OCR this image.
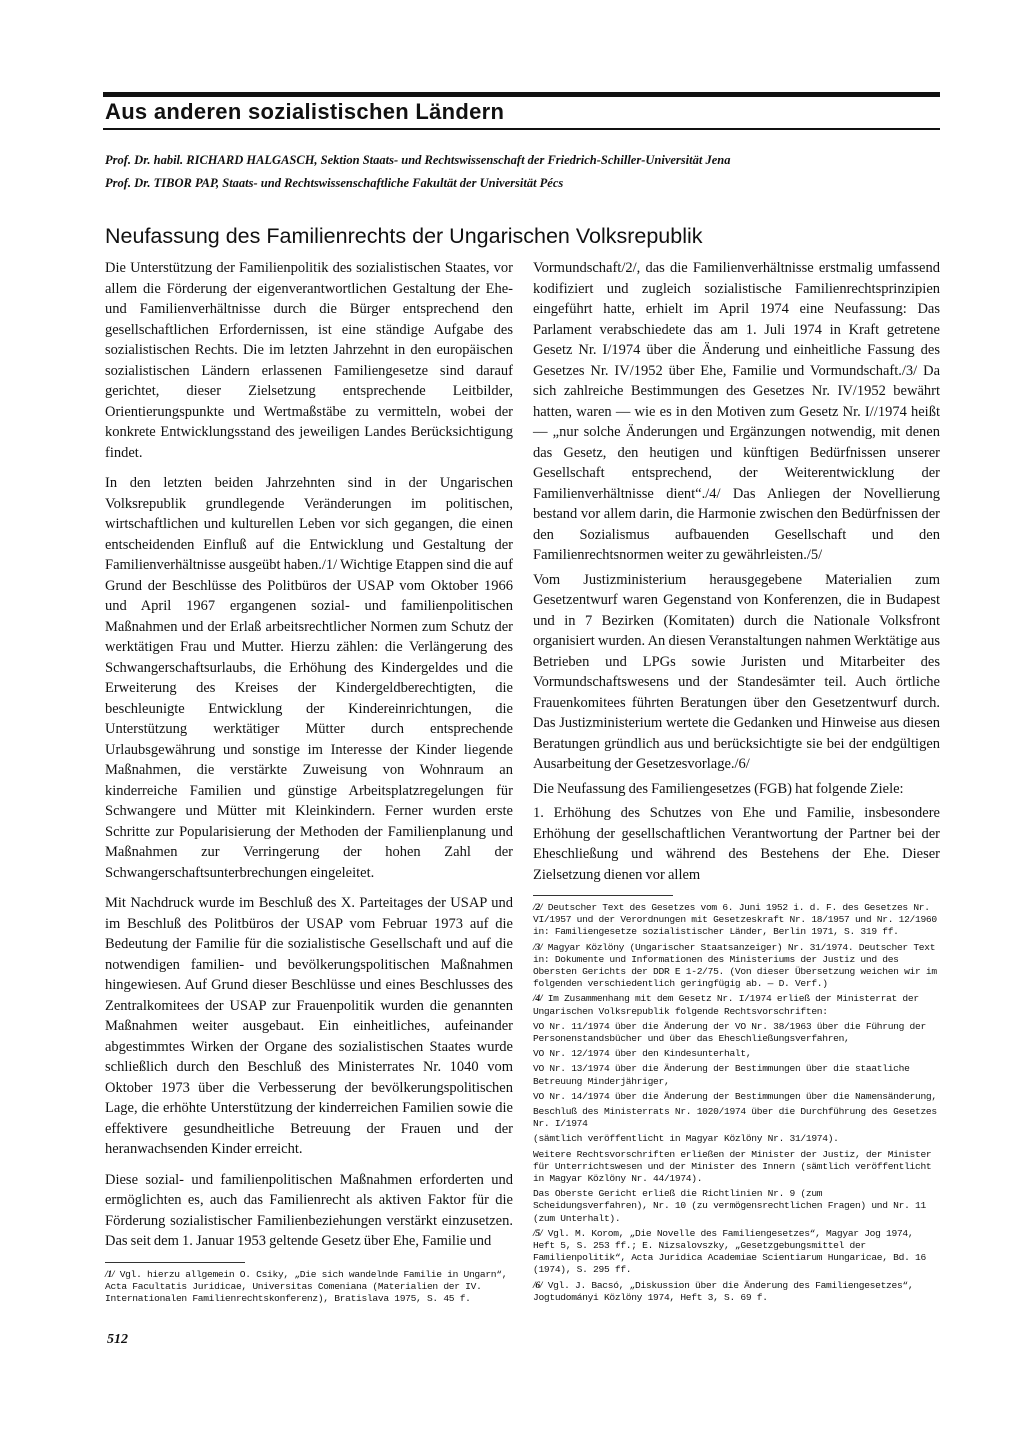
Aus anderen sozialistischen Ländern

Prof. Dr. habil. RICHARD HALGASCH, Sektion Staats- und Rechtswissenschaft der Friedrich-Schiller-Universität Jena

Prof. Dr. TIBOR PAP, Staats- und Rechtswissenschaftliche Fakultät der Universität Pécs

Neufassung des Familienrechts der Ungarischen Volksrepublik

Die Unterstützung der Familienpolitik des sozialistischen Staates, vor allem die Förderung der eigenverantwortlichen Gestaltung der Ehe- und Familienverhältnisse durch die Bürger entsprechend den gesellschaftlichen Erfordernissen, ist eine ständige Aufgabe des sozialistischen Rechts. Die im letzten Jahrzehnt in den europäischen sozialistischen Ländern erlassenen Familiengesetze sind darauf gerichtet, dieser Zielsetzung entsprechende Leitbilder, Orientierungspunkte und Wertmaßstäbe zu vermitteln, wobei der konkrete Entwicklungsstand des jeweiligen Landes Berücksichtigung findet.

In den letzten beiden Jahrzehnten sind in der Ungarischen Volksrepublik grundlegende Veränderungen im politischen, wirtschaftlichen und kulturellen Leben vor sich gegangen, die einen entscheidenden Einfluß auf die Entwicklung und Gestaltung der Familienverhältnisse ausgeübt haben./1/ Wichtige Etappen sind die auf Grund der Beschlüsse des Politbüros der USAP vom Oktober 1966 und April 1967 ergangenen sozial- und familienpolitischen Maßnahmen und der Erlaß arbeitsrechtlicher Normen zum Schutz der werktätigen Frau und Mutter. Hierzu zählen: die Verlängerung des Schwangerschaftsurlaubs, die Erhöhung des Kindergeldes und die Erweiterung des Kreises der Kindergeldberechtigten, die beschleunigte Entwicklung der Kindereinrichtungen, die Unterstützung werktätiger Mütter durch entsprechende Urlaubsgewährung und sonstige im Interesse der Kinder liegende Maßnahmen, die verstärkte Zuweisung von Wohnraum an kinderreiche Familien und günstige Arbeitsplatzregelungen für Schwangere und Mütter mit Kleinkindern. Ferner wurden erste Schritte zur Popularisierung der Methoden der Familienplanung und Maßnahmen zur Verringerung der hohen Zahl der Schwangerschaftsunterbrechungen eingeleitet.

Mit Nachdruck wurde im Beschluß des X. Parteitages der USAP und im Beschluß des Politbüros der USAP vom Februar 1973 auf die Bedeutung der Familie für die sozialistische Gesellschaft und auf die notwendigen familien- und bevölkerungspolitischen Maßnahmen hingewiesen. Auf Grund dieser Beschlüsse und eines Beschlusses des Zentralkomitees der USAP zur Frauenpolitik wurden die genannten Maßnahmen weiter ausgebaut. Ein einheitliches, aufeinander abgestimmtes Wirken der Organe des sozialistischen Staates wurde schließlich durch den Beschluß des Ministerrates Nr. 1040 vom Oktober 1973 über die Verbesserung der bevölkerungspolitischen Lage, die erhöhte Unterstützung der kinderreichen Familien sowie die effektivere gesundheitliche Betreuung der Frauen und der heranwachsenden Kinder erreicht.

Diese sozial- und familienpolitischen Maßnahmen erforderten und ermöglichten es, auch das Familienrecht als aktiven Faktor für die Förderung sozialistischer Familienbeziehungen verstärkt einzusetzen. Das seit dem 1. Januar 1953 geltende Gesetz über Ehe, Familie und

/1/ Vgl. hierzu allgemein O. Csiky, „Die sich wandelnde Familie in Ungarn“, Acta Facultatis Juridicae, Universitas Comeniana (Materialien der IV. Internationalen Familienrechtskonferenz), Bratislava 1975, S. 45 f.

Vormundschaft/2/, das die Familienverhältnisse erstmalig umfassend kodifiziert und zugleich sozialistische Familienrechtsprinzipien eingeführt hatte, erhielt im April 1974 eine Neufassung: Das Parlament verabschiedete das am 1. Juli 1974 in Kraft getretene Gesetz Nr. I/1974 über die Änderung und einheitliche Fassung des Gesetzes Nr. IV/1952 über Ehe, Familie und Vormundschaft./3/ Da sich zahlreiche Bestimmungen des Gesetzes Nr. IV/1952 bewährt hatten, waren — wie es in den Motiven zum Gesetz Nr. I//1974 heißt — „nur solche Änderungen und Ergänzungen notwendig, mit denen das Gesetz, den heutigen und künftigen Bedürfnissen unserer Gesellschaft entsprechend, der Weiterentwicklung der Familienverhältnisse dient“./4/ Das Anliegen der Novellierung bestand vor allem darin, die Harmonie zwischen den Bedürfnissen der den Sozialismus aufbauenden Gesellschaft und den Familienrechtsnormen weiter zu gewährleisten./5/

Vom Justizministerium herausgegebene Materialien zum Gesetzentwurf waren Gegenstand von Konferenzen, die in Budapest und in 7 Bezirken (Komitaten) durch die Nationale Volksfront organisiert wurden. An diesen Veranstaltungen nahmen Werktätige aus Betrieben und LPGs sowie Juristen und Mitarbeiter des Vormundschaftswesens und der Standesämter teil. Auch örtliche Frauenkomitees führten Beratungen über den Gesetzentwurf durch. Das Justizministerium wertete die Gedanken und Hinweise aus diesen Beratungen gründlich aus und berücksichtigte sie bei der endgültigen Ausarbeitung der Gesetzesvorlage./6/

Die Neufassung des Familiengesetzes (FGB) hat folgende Ziele:

1. Erhöhung des Schutzes von Ehe und Familie, insbesondere Erhöhung der gesellschaftlichen Verantwortung der Partner bei der Eheschließung und während des Bestehens der Ehe. Dieser Zielsetzung dienen vor allem

/2/ Deutscher Text des Gesetzes vom 6. Juni 1952 i. d. F. des Gesetzes Nr. VI/1957 und der Verordnungen mit Gesetzeskraft Nr. 18/1957 und Nr. 12/1960 in: Familiengesetze sozialistischer Länder, Berlin 1971, S. 319 ff.

/3/ Magyar Közlöny (Ungarischer Staatsanzeiger) Nr. 31/1974. Deutscher Text in: Dokumente und Informationen des Ministeriums der Justiz und des Obersten Gerichts der DDR E 1-2/75. (Von dieser Übersetzung weichen wir im folgenden verschiedentlich geringfügig ab. — D. Verf.)

/4/ Im Zusammenhang mit dem Gesetz Nr. I/1974 erließ der Ministerrat der Ungarischen Volksrepublik folgende Rechtsvorschriften:

VO Nr. 11/1974 über die Änderung der VO Nr. 38/1963 über die Führung der Personenstandsbücher und über das Eheschließungsverfahren,

VO Nr. 12/1974 über den Kindesunterhalt,

VO Nr. 13/1974 über die Änderung der Bestimmungen über die staatliche Betreuung Minderjähriger,

VO Nr. 14/1974 über die Änderung der Bestimmungen über die Namensänderung,

Beschluß des Ministerrats Nr. 1020/1974 über die Durchführung des Gesetzes Nr. I/1974

(sämtlich veröffentlicht in Magyar Közlöny Nr. 31/1974).

Weitere Rechtsvorschriften erließen der Minister der Justiz, der Minister für Unterrichtswesen und der Minister des Innern (sämtlich veröffentlicht in Magyar Közlöny Nr. 44/1974).

Das Oberste Gericht erließ die Richtlinien Nr. 9 (zum Scheidungsverfahren), Nr. 10 (zu vermögensrechtlichen Fragen) und Nr. 11 (zum Unterhalt).

/5/ Vgl. M. Korom, „Die Novelle des Familiengesetzes“, Magyar Jog 1974, Heft 5, S. 253 ff.; E. Nizsalovszky, „Gesetzgebungsmittel der Familienpolitik“, Acta Juridica Academiae Scientiarum Hungaricae, Bd. 16 (1974), S. 295 ff.

/6/ Vgl. J. Bacsó, „Diskussion über die Änderung des Familiengesetzes“, Jogtudományi Közlöny 1974, Heft 3, S. 69 f.

512
